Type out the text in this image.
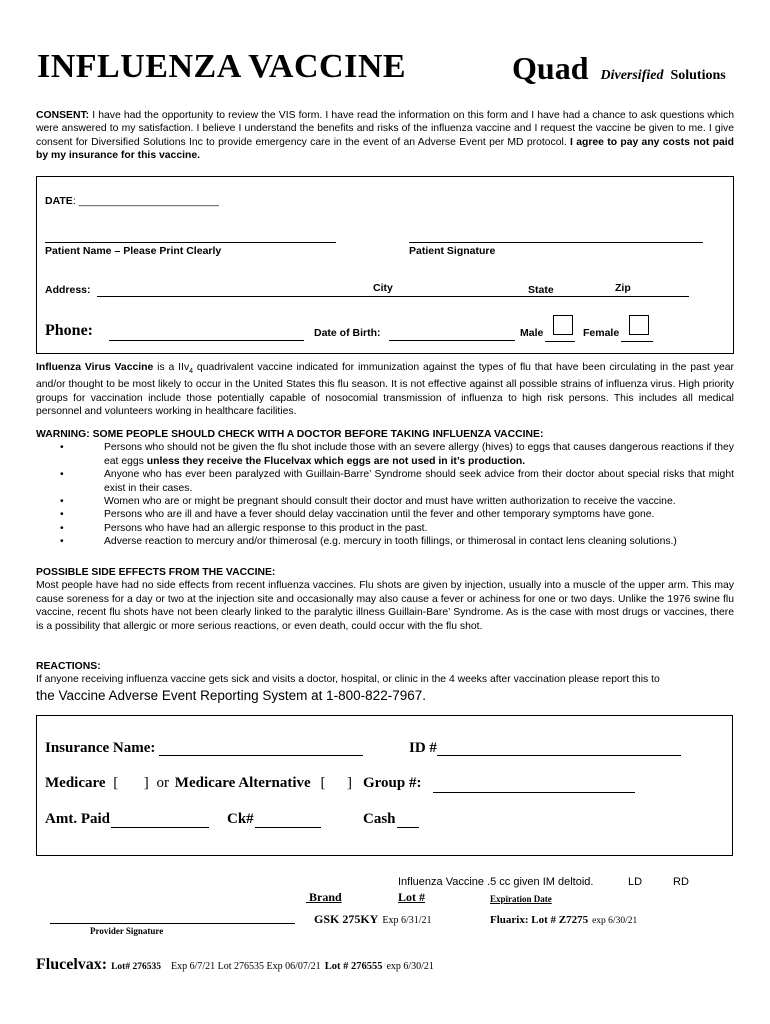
INFLUENZA VACCINE	Quad Diversified Solutions
CONSENT: I have had the opportunity to review the VIS form. I have read the information on this form and I have had a chance to ask questions which were answered to my satisfaction. I believe I understand the benefits and risks of the influenza vaccine and I request the vaccine be given to me. I give consent for Diversified Solutions Inc to provide emergency care in the event of an Adverse Event per MD protocol. I agree to pay any costs not paid by my insurance for this vaccine.
DATE: ________________________
Patient Name – Please Print Clearly	Patient Signature
Address:	City	State	Zip
Phone:	Date of Birth:	Male	Female
Influenza Virus Vaccine is a IIv$_4$ quadrivalent vaccine indicated for immunization against the types of flu that have been circulating in the past year and/or thought to be most likely to occur in the United States this flu season. It is not effective against all possible strains of influenza virus. High priority groups for vaccination include those potentially capable of nosocomial transmission of influenza to high risk persons. This includes all medical personnel and volunteers working in healthcare facilities.
WARNING: SOME PEOPLE SHOULD CHECK WITH A DOCTOR BEFORE TAKING INFLUENZA VACCINE:
•	Persons who should not be given the flu shot include those with an severe allergy (hives) to eggs that causes dangerous reactions if they eat eggs unless they receive the Flucelvax which eggs are not used in it’s production.
•	Anyone who has ever been paralyzed with Guillain-Barre’ Syndrome should seek advice from their doctor about special risks that might exist in their cases.
•	Women who are or might be pregnant should consult their doctor and must have written authorization to receive the vaccine.
•	Persons who are ill and have a fever should delay vaccination until the fever and other temporary symptoms have gone.
•	Persons who have had an allergic response to this product in the past.
•	Adverse reaction to mercury and/or thimerosal (e.g. mercury in tooth fillings, or thimerosal in contact lens cleaning solutions.)
POSSIBLE SIDE EFFECTS FROM THE VACCINE:
Most people have had no side effects from recent influenza vaccines. Flu shots are given by injection, usually into a muscle of the upper arm. This may cause soreness for a day or two at the injection site and occasionally may also cause a fever or achiness for one or two days. Unlike the 1976 swine flu vaccine, recent flu shots have not been clearly linked to the paralytic illness Guillain-Bare’ Syndrome. As is the case with most drugs or vaccines, there is a possibility that allergic or more serious reactions, or even death, could occur with the flu shot.
REACTIONS:
If anyone receiving influenza vaccine gets sick and visits a doctor, hospital, or clinic in the 4 weeks after vaccination please report this to
the Vaccine Adverse Event Reporting System at 1-800-822-7967.
Insurance Name:	ID #
Medicare [ ] or Medicare Alternative [ ] Group #:
Amt. Paid	Ck#	Cash
Influenza Vaccine .5 cc given IM deltoid.	LD	RD
Brand	Lot #	Expiration Date
Provider Signature
GSK 275KY Exp 6/31/21	Fluarix: Lot # Z7275 exp 6/30/21
Flucelvax: Lot# 276535 Exp 6/7/21 Lot 276535 Exp 06/07/21 Lot # 276555 exp 6/30/21
